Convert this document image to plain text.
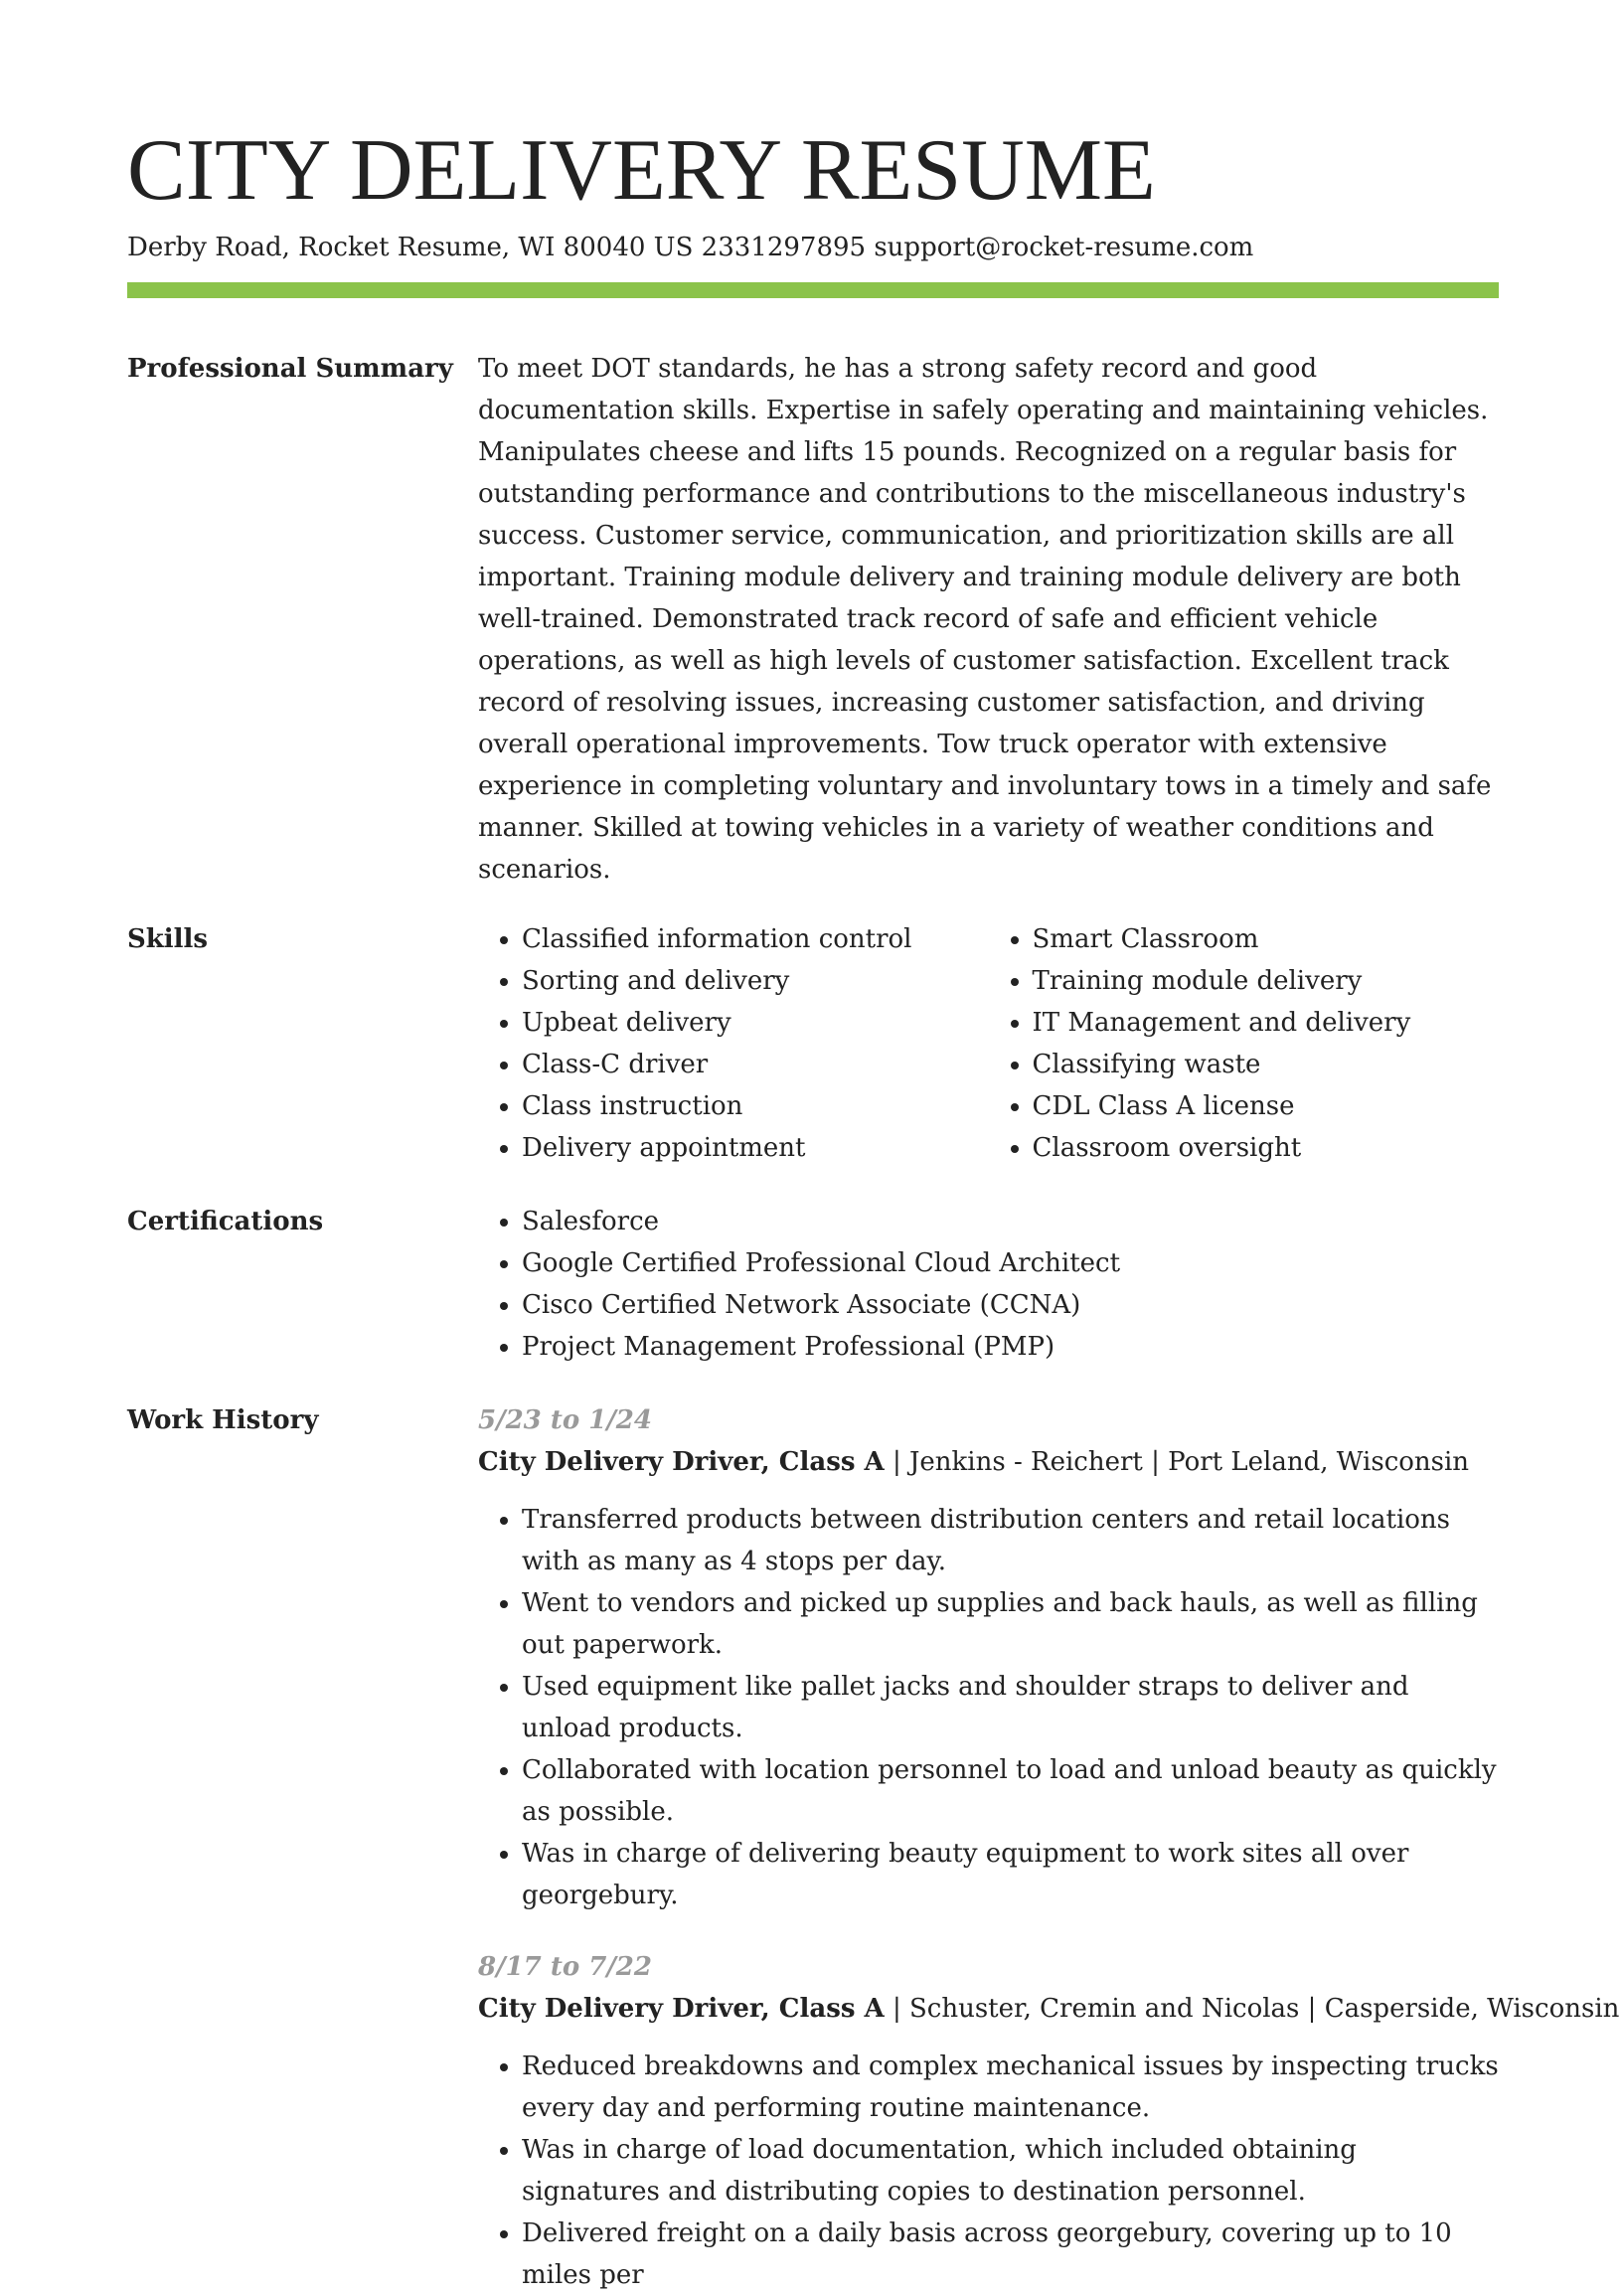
CITY DELIVERY RESUME
Derby Road, Rocket Resume, WI 80040 US 2331297895 support@rocket-resume.com
Professional Summary To meet DOT standards, he has a strong safety record and good documentation skills. Expertise in safely operating and maintaining vehicles. Manipulates cheese and lifts 15 pounds. Recognized on a regular basis for outstanding performance and contributions to the miscellaneous industry's success. Customer service, communication, and prioritization skills are all important. Training module delivery and training module delivery are both well-trained. Demonstrated track record of safe and efficient vehicle operations, as well as high levels of customer satisfaction. Excellent track record of resolving issues, increasing customer satisfaction, and driving overall operational improvements. Tow truck operator with extensive experience in completing voluntary and involuntary tows in a timely and safe manner. Skilled at towing vehicles in a variety of weather conditions and scenarios.
Skills	• Classified information control
• Sorting and delivery
• Upbeat delivery
• Class-C driver
• Class instruction
• Delivery appointment
• Smart Classroom
• Training module delivery
• IT Management and delivery
• Classifying waste
• CDL Class A license
• Classroom oversight
Certifications	• Salesforce
• Google Certified Professional Cloud Architect
• Cisco Certified Network Associate (CCNA)
• Project Management Professional (PMP)
Work History	5/23 to 1/24
City Delivery Driver, Class A | Jenkins - Reichert | Port Leland, Wisconsin
• Transferred products between distribution centers and retail locations with as many as 4 stops per day.
• Went to vendors and picked up supplies and back hauls, as well as filling out paperwork.
• Used equipment like pallet jacks and shoulder straps to deliver and unload products.
• Collaborated with location personnel to load and unload beauty as quickly as possible.
• Was in charge of delivering beauty equipment to work sites all over georgebury.
8/17 to 7/22
City Delivery Driver, Class A | Schuster, Cremin and Nicolas | Casperside, Wisconsin
• Reduced breakdowns and complex mechanical issues by inspecting trucks every day and performing routine maintenance.
• Was in charge of load documentation, which included obtaining signatures and distributing copies to destination personnel.
• Delivered freight on a daily basis across georgebury, covering up to 10 miles per
